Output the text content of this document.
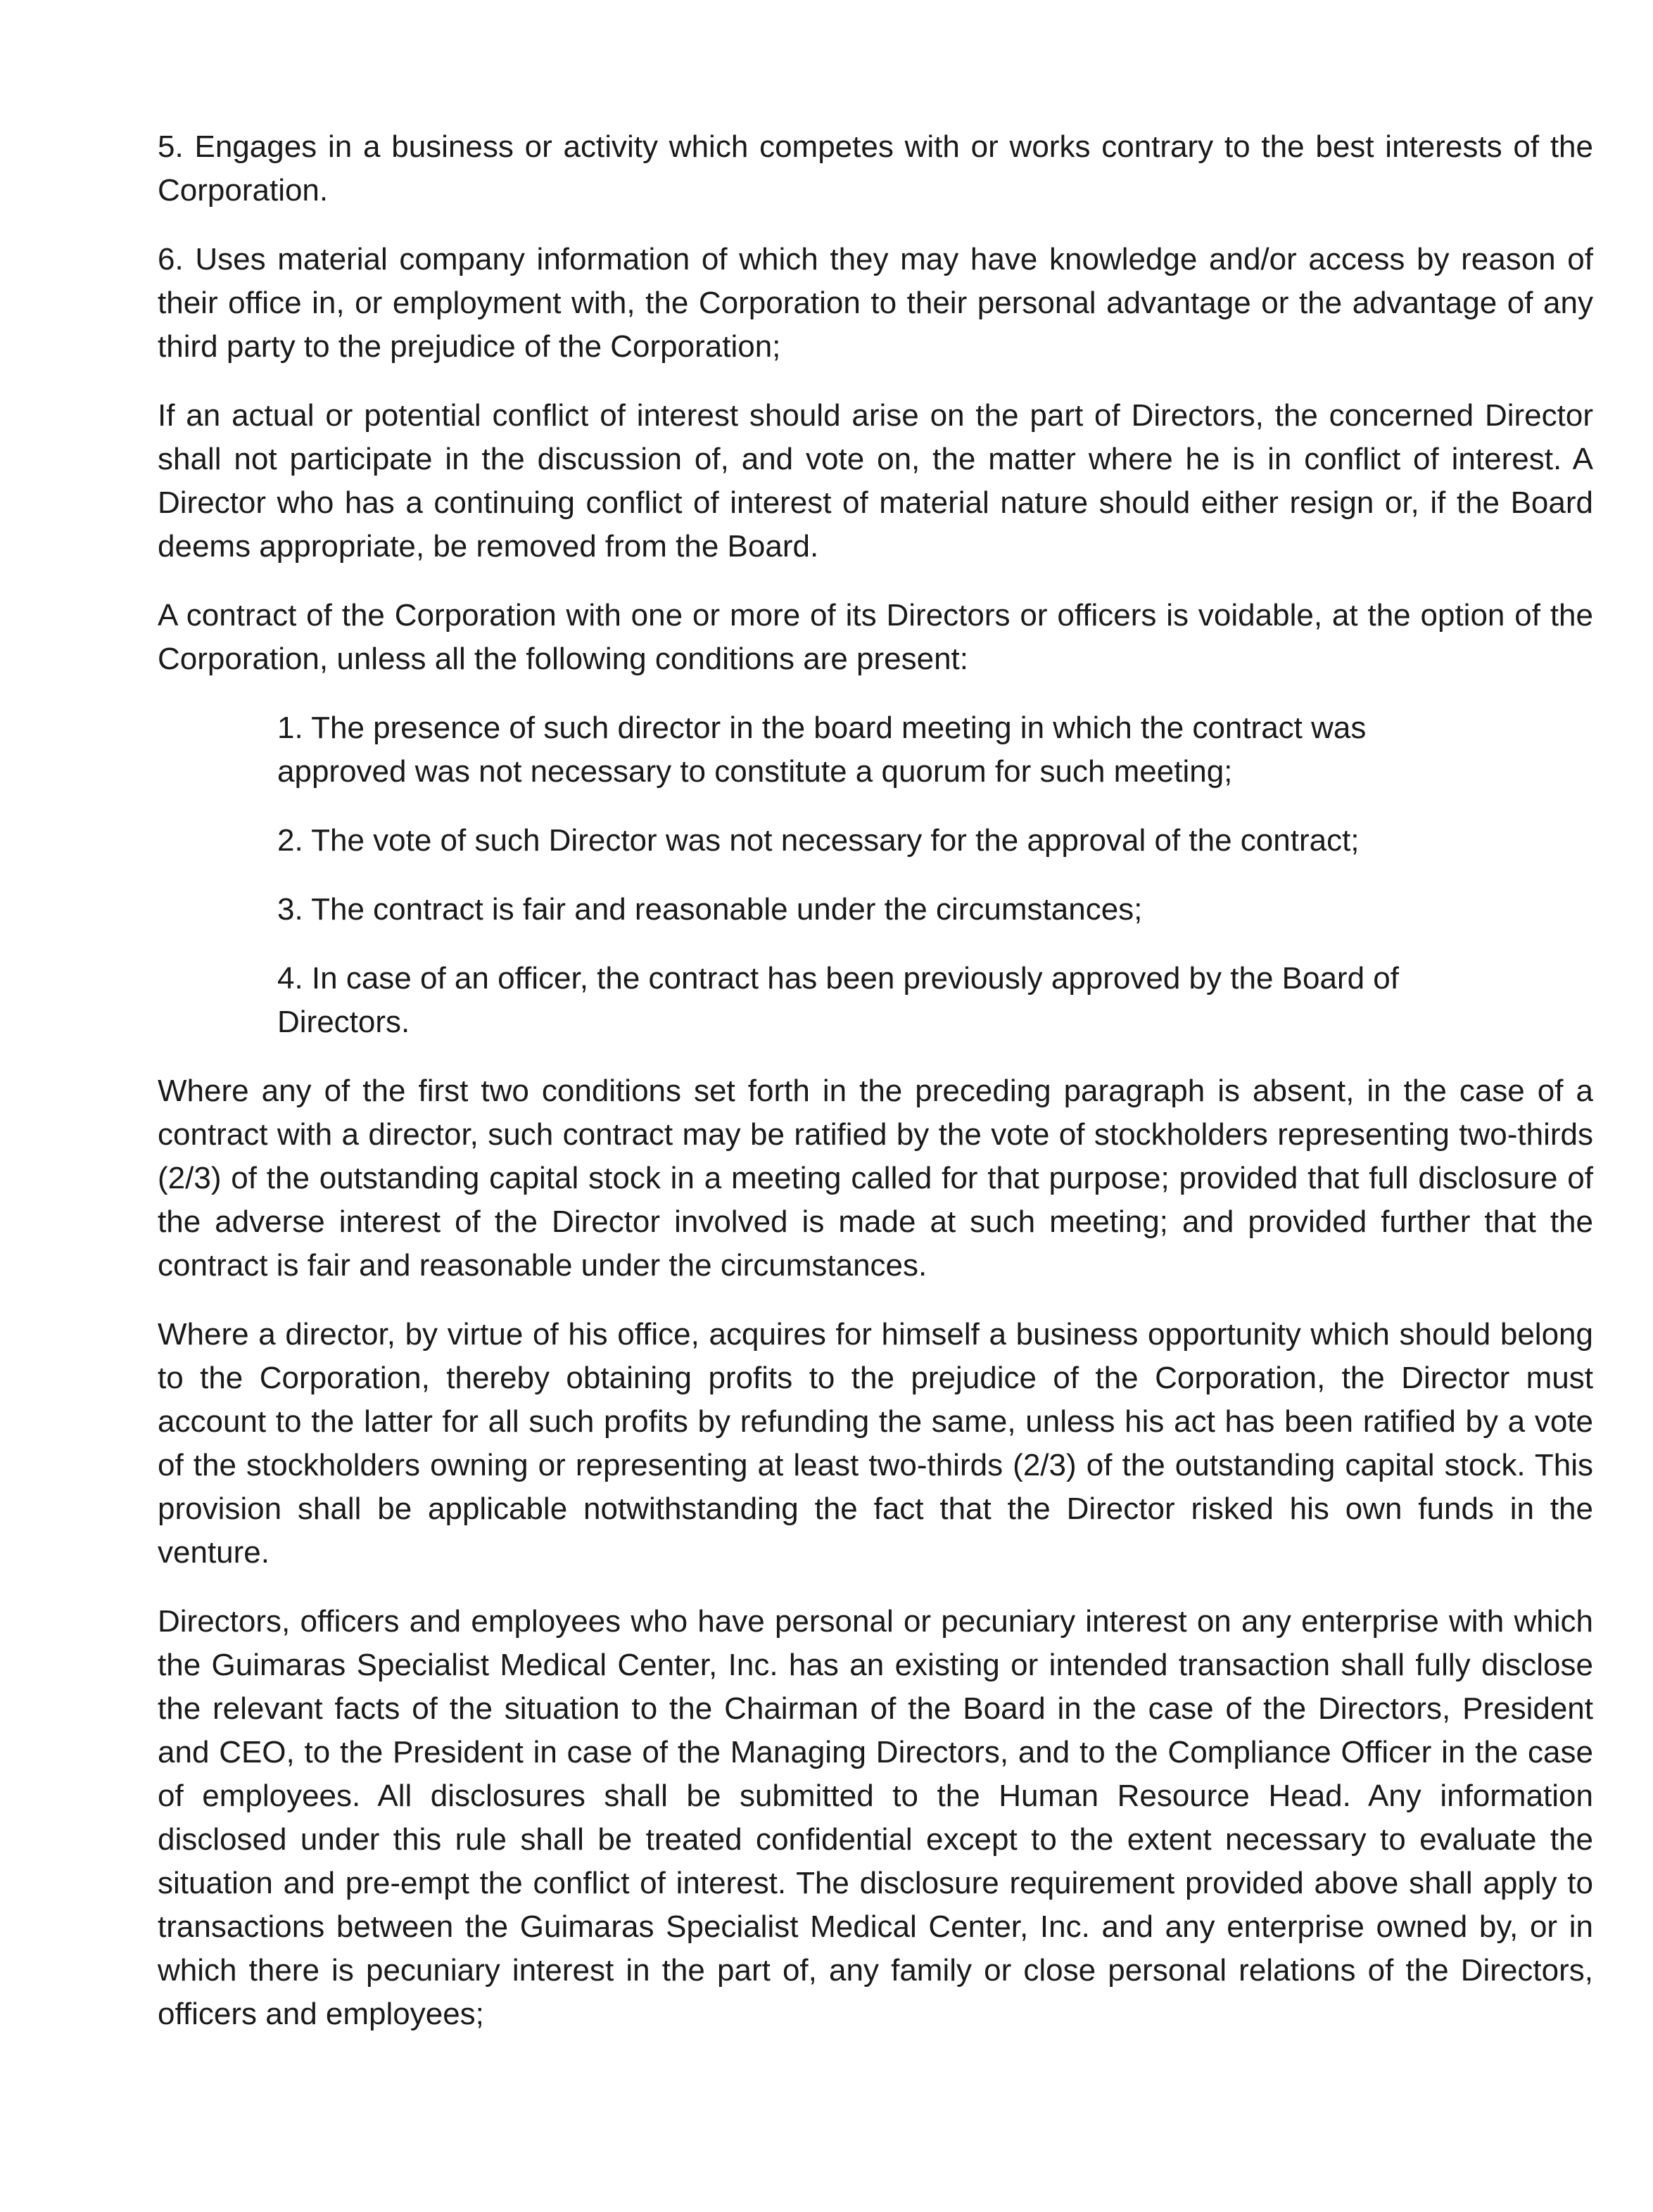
5. Engages in a business or activity which competes with or works contrary to the best interests of the Corporation.

6. Uses material company information of which they may have knowledge and/or access by reason of their office in, or employment with, the Corporation to their personal advantage or the advantage of any third party to the prejudice of the Corporation;

If an actual or potential conflict of interest should arise on the part of Directors, the concerned Director shall not participate in the discussion of, and vote on, the matter where he is in conflict of interest. A Director who has a continuing conflict of interest of material nature should either resign or, if the Board deems appropriate, be removed from the Board.

A contract of the Corporation with one or more of its Directors or officers is voidable, at the option of the Corporation, unless all the following conditions are present:

1. The presence of such director in the board meeting in which the contract was approved was not necessary to constitute a quorum for such meeting;

2. The vote of such Director was not necessary for the approval of the contract;

3. The contract is fair and reasonable under the circumstances;

4. In case of an officer, the contract has been previously approved by the Board of Directors.

Where any of the first two conditions set forth in the preceding paragraph is absent, in the case of a contract with a director, such contract may be ratified by the vote of stockholders representing two-thirds (2/3) of the outstanding capital stock in a meeting called for that purpose; provided that full disclosure of the adverse interest of the Director involved is made at such meeting; and provided further that the contract is fair and reasonable under the circumstances.

Where a director, by virtue of his office, acquires for himself a business opportunity which should belong to the Corporation, thereby obtaining profits to the prejudice of the Corporation, the Director must account to the latter for all such profits by refunding the same, unless his act has been ratified by a vote of the stockholders owning or representing at least two-thirds (2/3) of the outstanding capital stock. This provision shall be applicable notwithstanding the fact that the Director risked his own funds in the venture.

Directors, officers and employees who have personal or pecuniary interest on any enterprise with which the Guimaras Specialist Medical Center, Inc. has an existing or intended transaction shall fully disclose the relevant facts of the situation to the Chairman of the Board in the case of the Directors, President and CEO, to the President in case of the Managing Directors, and to the Compliance Officer in the case of employees. All disclosures shall be submitted to the Human Resource Head. Any information disclosed under this rule shall be treated confidential except to the extent necessary to evaluate the situation and pre-empt the conflict of interest. The disclosure requirement provided above shall apply to transactions between the Guimaras Specialist Medical Center, Inc. and any enterprise owned by, or in which there is pecuniary interest in the part of, any family or close personal relations of the Directors, officers and employees;
